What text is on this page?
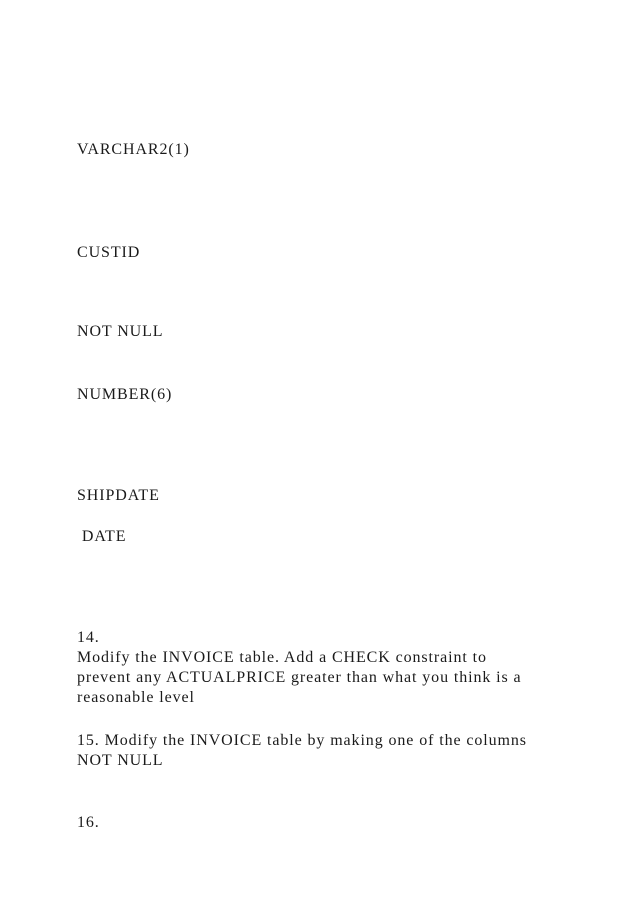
VARCHAR2(1)

CUSTID

NOT NULL

NUMBER(6)

SHIPDATE

DATE

14.

Modify the INVOICE table. Add a CHECK constraint to
prevent any ACTUALPRICE greater than what you think is a
reasonable level

15. Modify the INVOICE table by making one of the columns
NOT NULL

16.
